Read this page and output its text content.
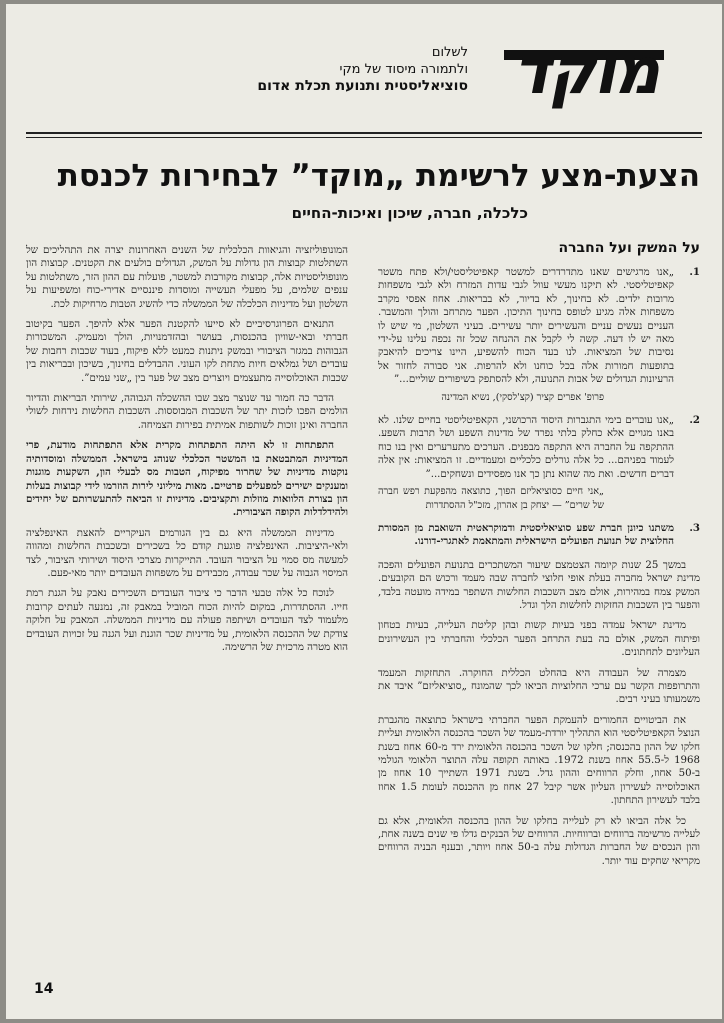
מוקד
לשלום
ולתמורה מיסוד של מקי
סוציאליסטית ותנועת תכלת אדום
הצעת-מצע לרשימת „מוקד” לבחירות לכנסת
כלכלה, חברה, שיכון ואיכות-החיים
על המשק ועל החברה
1.

„אנו מרגישים שאנו מתדרדרים למשטר קאפיטליסטי/ולא פתח משטר קאפיטליסטי. לא תיקנו מעשי עוול לגבי עדות המזרח ולא לגבי משפחות מרובות ילדים. לא בחינוך, לא בדיור, לא בבריאות. אחוז אפסי מקרב משפחות אלה מגיע לטופס בחינוך התיכון. הפער מתרחב והולך והמשבר. העניים נעשים עניים והעשירים יותר עשירים. בעיני השלטון, מי שיש לו מאה יש לו דעה. קשה לי לקבל את ההנחה שכל זה נכפה עלינו על-ידי נסיבות של המציאות. לנו בעד הכוח להשפיע, היינו צריכים להיאבק בתופעות חמורות אלה בכל כוחנו ולא להרפות. אני סבורה לחזור אל הרעיונות הגדולים של אבות התנועה, ולא להסתפק בשיפורים שוליים...”

פרופ' אפרים קציר (קצ'לסקי), נשיא המדינה

2.

„אנו עוברים בימי התגברות היסוד הרכושני, הקאפיטליסטי בחיים שלנו. לא באנו מגויים אלא כחלק בלתי נפרד של מדינות השפע ושל תרבות השפע. ההתקפה על החברה היא התקפה מבפנים. הערכים מתערערים ואין בנו כוח לעמוד בפניהם... כל אלה גורלים כלכליים ומעמדיים. זו המציאות: אין אלה דברים חדשים. ואת מה שהוא נתן כך אנו מפסידים ונשחקים...”

„אני חיים כסוציאליזם הפוך, כתוצאה מהפקעת רפש חברה של שרים” — יצחק בן אהרון, מזכ"ל ההסתדרות

3.

משתנו כיונן חברת שפע סוציאליסטית ודמוקראטית השואבת מן המסורת החלוצית של תנועת הפועלים הישראלית והמתאמת לאתגרי-דורנו.

במשך 25 שנות קיומה הצטמצם שיעור המשתכרים בתנועת הפועלים והפכה מדינת ישראל מחברה בעלת אופי חלוצי לחברה שבה מעמד ורכוש הם הקובעים. המשק צמח במהירות, אולם מצב השכבות החלשות השתפר במידה מועטה בלבד, והפער בין השכבות החזקות לחלשות הלך וגדל.

מדינת ישראל עמדה בפני בעיות קשות ובהן קליטת העלייה, בעיות בטחון ופיתוח המשק, אולם בה בעת התרחב הפער הכלכלי והחברתי בין העשירונים העליונים לתחתונים.

מצמרה של העבודה היא בהחלט הכללית החוקרה. התחזקות המעמד והתרופפות הקשר עם ערכי החלוציות הביאו לכך שהמונח „סוציאליזם” איבד את משמעותו בעיני רבים.

את הביטויים החמורים להעמקת הפער החברתי בישראל כתוצאה מהגברת הנוצל הקאפיטליסטי הוא התהליך יורדת-מעמד של השכר בהכנסה הלאומית ועליית חלקו של ההון בהכנסה; חלקו של השכר בהכנסה הלאומית ירד מ-60 אחוז בשנת 1968 ל-55.5 אחוז בשנת 1972. באותה תקופה עלה התוצר הלאומי הגולמי ב-50 אחוז, וחלק הרווחים וההון גדל. בשנת 1971 השתייך 10 אחוז מן האוכלוסייה לעשירון העליון אשר קיבל 27 אחוז מן ההכנסה לעומת 1.5 אחוז בלבד לעשירון התחתון.

כל אלה הביאו לא רק לעלייה בחלקו של ההון בהכנסה הלאומית, אלא גם לעלייה מרשימה ברווחים וברווחיות. הרווחים של הבנקים גדלו פי שנים בשנה אחת, והון הנכסים של החברות הגדולות עלה ב-50 אחוז ויותר, ובענף הבניה הרווחים מקריאי שחקים עוד יותר.

המונופוליזציה והגיאוות הכלכלית של השנים האחרונות יצרה את התהליכים של השתלטות קבוצות הון גדולות על המשק, הגדולים בולעים את הקטנים. קבוצות הון מונופוליסטיות אלה, קבוצות מקורבות למשטר, פועלות עם ההון הזר, משתלטות על ענפים שלמים, על מפעלי תעשייה ומוסדות פיננסיים אדירי-כוח ומשפיעות על השלטון ועל מדיניות הכלכלה של הממשלה כדי להשיג הטבות מרחיקות לכת.

התנאים הפרוגרסיביים לא סייעו להקטנת הפער אלא להיפך. הפער בקיטוב חברתי ובאי-שוויון בהכנסות, בעושר ובהזדמנויות, הולך ומעמיק. המשכורות הגבוהות במגזר הציבורי ובמשק ניתנות כמעט ללא פיקוח, בעוד שכבות רחבות של עובדים ושל גמלאים חיות מתחת לקו העוני. ההבדלים בחינוך, בשיכון ובבריאות בין שכבות האוכלוסייה מתעצמים ויוצרים מצב של פער בין „שני עמים”.

הדבר כה חמור עד שנוצר מצב שבו ההשכלה הגבוהה, שירותי הבריאות והדיור הולמים הפכו לזכות יתר של השכבות המבוססות. השכבות החלשות נידחות לשולי החברה ואינן זוכות לשותפות אמיתית בפירות הצמיחה.

התפתחות זו לא היתה התפתחות מקרית אלא התפתחות מודעת, פרי המדיניות המתבטאת בו המשטר הכלכלי שנוהג בישראל. הממשלה ומוסדותיה נוקטות מדיניות של שחרור מפיקוח, הטבות מס לבעלי הון, השקעות מוגנות ומענקים ישירים למפעלים פרטיים. מאות מיליוני לירות הוזרמו לידי קבוצות בעלות הון בצורת הלוואות מוזלות ותקציבים. מדיניות זו הביאה להתעשרותם של יחידים ולהידלדלות הקופה הציבורית.

מדיניות הממשלה היא גם בין הגורמים העיקריים להאצת האינפלציה ולאי-היציבות. האינפלציה פוגעת קודם כל בשכירים ובשכבות החלשות ומהווה למעשה מס סמוי על הציבור העובד. התייקרות מצרכי היסוד ושירותי הציבור, לצד המיסוי הגבוה על שכר עבודה, מכבידים על משפחות העובדים יותר מאי-פעם.

לנוכח כל אלה טבעי הדבר כי ציבור העובדים השכירים נאבק על הגנת רמת חייו. ההסתדרות, במקום להיות הכוח המוביל במאבק זה, נמנעה לעתים קרובות מלעמוד לצד העובדים ושיתפה פעולה עם מדיניות הממשלה. המאבק על חלוקה צודקת של ההכנסה הלאומית, על מדיניות שכר הוגנת ועל הגנה על זכויות העובדים הוא מטרה מרכזית של הרשימה.

14
